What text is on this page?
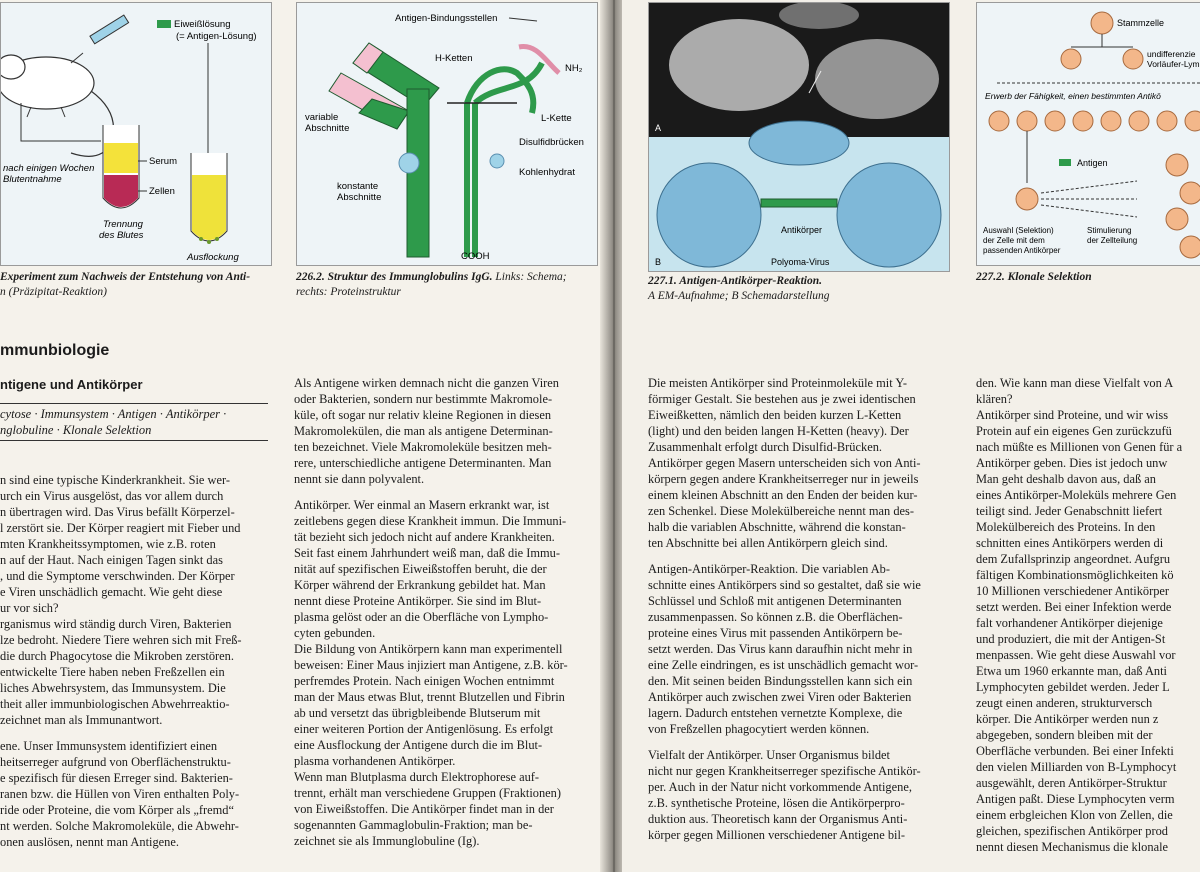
Eiweißlösung
(= Antigen-Lösung)
nach einigen Wochen
Blutentnahme
Serum
Zellen
Trennung
des Blutes
Ausflockung
Experiment zum Nachweis der Entstehung von Anti-
n (Präzipitat-Reaktion)
Antigen-Bindungsstellen
H-Ketten
NH₂
variable
Abschnitte
L-Kette
Disulfidbrücken
Kohlenhydrat
konstante
Abschnitte
COOH
226.2. Struktur des Immunglobulins IgG. Links: Schema;
rechts: Proteinstruktur
mmunbiologie
ntigene und Antikörper
cytose · Immunsystem · Antigen · Antikörper ·
nglobuline · Klonale Selektion
n sind eine typische Kinderkrankheit. Sie wer-
urch ein Virus ausgelöst, das vor allem durch
n übertragen wird. Das Virus befällt Körperzel-
l zerstört sie. Der Körper reagiert mit Fieber und
mten Krankheitssymptomen, wie z.B. roten
n auf der Haut. Nach einigen Tagen sinkt das
, und die Symptome verschwinden. Der Körper
e Viren unschädlich gemacht. Wie geht diese
ur vor sich?
rganismus wird ständig durch Viren, Bakterien
lze bedroht. Niedere Tiere wehren sich mit Freß-
die durch Phagocytose die Mikroben zerstören.
entwickelte Tiere haben neben Freßzellen ein
liches Abwehrsystem, das Immunsystem. Die
theit aller immunbiologischen Abwehrreaktio-
zeichnet man als Immunantwort.
ene. Unser Immunsystem identifiziert einen
heitserreger aufgrund von Oberflächenstruktu-
e spezifisch für diesen Erreger sind. Bakterien-
ranen bzw. die Hüllen von Viren enthalten Poly-
ride oder Proteine, die vom Körper als „fremd“
nt werden. Solche Makromoleküle, die Abwehr-
onen auslösen, nennt man Antigene.
Als Antigene wirken demnach nicht die ganzen Viren
oder Bakterien, sondern nur bestimmte Makromole-
küle, oft sogar nur relativ kleine Regionen in diesen
Makromolekülen, die man als antigene Determinan-
ten bezeichnet. Viele Makromoleküle besitzen meh-
rere, unterschiedliche antigene Determinanten. Man
nennt sie dann polyvalent.
Antikörper. Wer einmal an Masern erkrankt war, ist
zeitlebens gegen diese Krankheit immun. Die Immuni-
tät bezieht sich jedoch nicht auf andere Krankheiten.
Seit fast einem Jahrhundert weiß man, daß die Immu-
nität auf spezifischen Eiweißstoffen beruht, die der
Körper während der Erkrankung gebildet hat. Man
nennt diese Proteine Antikörper. Sie sind im Blut-
plasma gelöst oder an die Oberfläche von Lympho-
cyten gebunden.
Die Bildung von Antikörpern kann man experimentell
beweisen: Einer Maus injiziert man Antigene, z.B. kör-
perfremdes Protein. Nach einigen Wochen entnimmt
man der Maus etwas Blut, trennt Blutzellen und Fibrin
ab und versetzt das übrigbleibende Blutserum mit
einer weiteren Portion der Antigenlösung. Es erfolgt
eine Ausflockung der Antigene durch die im Blut-
plasma vorhandenen Antikörper.
Wenn man Blutplasma durch Elektrophorese auf-
trennt, erhält man verschiedene Gruppen (Fraktionen)
von Eiweißstoffen. Die Antikörper findet man in der
sogenannten Gammaglobulin-Fraktion; man be-
zeichnet sie als Immunglobuline (Ig).
A
Antikörper
Polyoma-Virus
B
227.1. Antigen-Antikörper-Reaktion.
A EM-Aufnahme; B Schemadarstellung
Stammzelle
undifferenzie
Vorläufer-Lym
Erwerb der Fähigkeit, einen bestimmten Antikö
Antigen
Auswahl (Selektion)
der Zelle mit dem
passenden Antikörper
Stimulierung
der Zellteilung
227.2. Klonale Selektion
Die meisten Antikörper sind Proteinmoleküle mit Y-
förmiger Gestalt. Sie bestehen aus je zwei identischen
Eiweißketten, nämlich den beiden kurzen L-Ketten
(light) und den beiden langen H-Ketten (heavy). Der
Zusammenhalt erfolgt durch Disulfid-Brücken.
Antikörper gegen Masern unterscheiden sich von Anti-
körpern gegen andere Krankheitserreger nur in jeweils
einem kleinen Abschnitt an den Enden der beiden kur-
zen Schenkel. Diese Molekülbereiche nennt man des-
halb die variablen Abschnitte, während die konstan-
ten Abschnitte bei allen Antikörpern gleich sind.
Antigen-Antikörper-Reaktion. Die variablen Ab-
schnitte eines Antikörpers sind so gestaltet, daß sie wie
Schlüssel und Schloß mit antigenen Determinanten
zusammenpassen. So können z.B. die Oberflächen-
proteine eines Virus mit passenden Antikörpern be-
setzt werden. Das Virus kann daraufhin nicht mehr in
eine Zelle eindringen, es ist unschädlich gemacht wor-
den. Mit seinen beiden Bindungsstellen kann sich ein
Antikörper auch zwischen zwei Viren oder Bakterien
lagern. Dadurch entstehen vernetzte Komplexe, die
von Freßzellen phagocytiert werden können.
Vielfalt der Antikörper. Unser Organismus bildet
nicht nur gegen Krankheitserreger spezifische Antikör-
per. Auch in der Natur nicht vorkommende Antigene,
z.B. synthetische Proteine, lösen die Antikörperpro-
duktion aus. Theoretisch kann der Organismus Anti-
körper gegen Millionen verschiedener Antigene bil-
den. Wie kann man diese Vielfalt von A
klären?
Antikörper sind Proteine, und wir wiss
Protein auf ein eigenes Gen zurückzufü
nach müßte es Millionen von Genen für a
Antikörper geben. Dies ist jedoch unw
Man geht deshalb davon aus, daß an
eines Antikörper-Moleküls mehrere Gen
teiligt sind. Jeder Genabschnitt liefert
Molekülbereich des Proteins. In den
schnitten eines Antikörpers werden di
dem Zufallsprinzip angeordnet. Aufgru
fältigen Kombinationsmöglichkeiten kö
10 Millionen verschiedener Antikörper
setzt werden. Bei einer Infektion werde
falt vorhandener Antikörper diejenige
und produziert, die mit der Antigen-St
menpassen. Wie geht diese Auswahl vor
Etwa um 1960 erkannte man, daß Anti
Lymphocyten gebildet werden. Jeder L
zeugt einen anderen, strukturversch
körper. Die Antikörper werden nun z
abgegeben, sondern bleiben mit der
Oberfläche verbunden. Bei einer Infekti
den vielen Milliarden von B-Lymphocyt
ausgewählt, deren Antikörper-Struktur
Antigen paßt. Diese Lymphocyten verm
einem erbgleichen Klon von Zellen, die
gleichen, spezifischen Antikörper prod
nennt diesen Mechanismus die klonale
